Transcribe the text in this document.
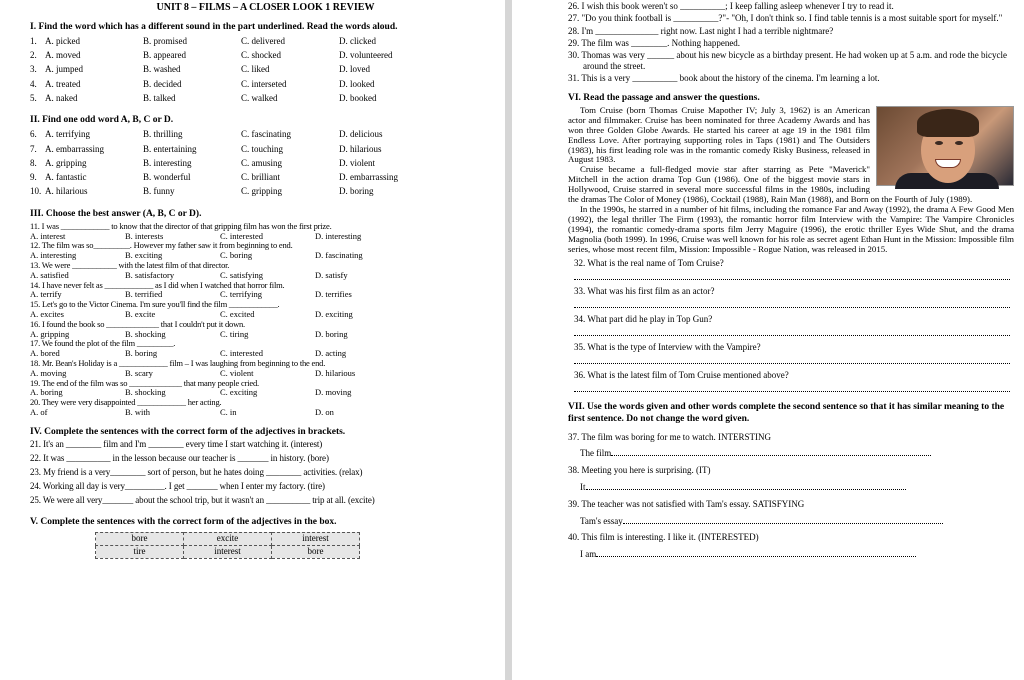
UNIT 8 – FILMS – A CLOSER LOOK 1 REVIEW
I. Find the word which has a different sound in the part underlined. Read the words aloud.
1. A. picked	B. promised	C. delivered	D. clicked
2. A. moved	B. appeared	C. shocked	D. volunteered
3. A. jumped	B. washed	C. liked	D. loved
4. A. treated	B. decided	C. interseted	D. looked
5. A. naked	B. talked	C. walked	D. booked
II. Find one odd word A, B, C or D.
6. A. terrifying	B. thrilling	C. fascinating	D. delicious
7. A. embarrassing	B. entertaining	C. touching	D. hilarious
8. A. gripping	B. interesting	C. amusing	D. violent
9. A. fantastic	B. wonderful	C. brilliant	D. embarrassing
10. A. hilarious	B. funny	C. gripping	D. boring
III. Choose the best answer (A, B, C or D).
11. I was ____________ to know that the director of that gripping film has won the first prize.
A. interest	B. interests	C. interested	D. interesting
12. The film was so_________. However my father saw it from beginning to end.
A. interesting	B. exciting	C. boring	D. fascinating
13. We were ___________ with the latest film of that director.
A. satisfied	B. satisfactory	C. satisfying	D. satisfy
14. I have never felt as ____________ as I did when I watched that horror film.
A. terrify	B. terrified	C. terrifying	D. terrifies
15. Let's go to the Victor Cinema. I'm sure you'll find the film ____________.
A. excites	B. excite	C. excited	D. exciting
16. I found the book so _____________ that I couldn't put it down.
A. gripping	B. shocking	C. tiring	D. boring
17. We found the plot of the film _________.
A. bored	B. boring	C. interested	D. acting
18. Mr. Bean's Holiday is a ____________ film – I was laughing from beginning to the end.
A. moving	B. scary	C. violent	D. hilarious
19. The end of the film was so _____________ that many people cried.
A. boring	B. shocking	C. exciting	D. moving
20. They were very disappointed ____________ her acting.
A. of	B. with	C. in	D. on
IV. Complete the sentences with the correct form of the adjectives in brackets.
21. It's an ________ film and I'm ________ every time I start watching it. (interest)
22. It was __________ in the lesson because our teacher is _______ in history. (bore)
23. My friend is a very________ sort of person, but he hates doing ________ activities. (relax)
24. Working all day is very_________. I get _______ when I enter my factory. (tire)
25. We were all very_______ about the school trip, but it wasn't an __________ trip at all. (excite)
V. Complete the sentences with the correct form of the adjectives in the box.
bore	excite	interest
tire	interest	bore
26. I wish this book weren't so __________; I keep falling asleep whenever I try to read it.
27. "Do you think football is __________?"- "Oh, I don't think so. I find table tennis is a most suitable sport for myself."
28. I'm ______________ right now. Last night I had a terrible nightmare?
29. The film was ________. Nothing happened.
30. Thomas was very ______ about his new bicycle as a birthday present. He had woken up at 5 a.m. and rode the bicycle around the street.
31. This is a very __________ book about the history of the cinema. I'm learning a lot.
VI. Read the passage and answer the questions.
Tom Cruise (born Thomas Cruise Mapother IV; July 3, 1962) is an American actor and filmmaker. Cruise has been nominated for three Academy Awards and has won three Golden Globe Awards. He started his career at age 19 in the 1981 film Endless Love. After portraying supporting roles in Taps (1981) and The Outsiders (1983), his first leading role was in the romantic comedy Risky Business, released in August 1983.
Cruise became a full-fledged movie star after starring as Pete "Maverick" Mitchell in the action drama Top Gun (1986). One of the biggest movie stars in Hollywood, Cruise starred in several more successful films in the 1980s, including the dramas The Color of Money (1986), Cocktail (1988), Rain Man (1988), and Born on the Fourth of July (1989).
In the 1990s, he starred in a number of hit films, including the romance Far and Away (1992), the drama A Few Good Men (1992), the legal thriller The Firm (1993), the romantic horror film Interview with the Vampire: The Vampire Chronicles (1994), the romantic comedy-drama sports film Jerry Maguire (1996), the erotic thriller Eyes Wide Shut, and the drama Magnolia (both 1999). In 1996, Cruise was well known for his role as secret agent Ethan Hunt in the Mission: Impossible film series, whose most recent film, Mission: Impossible - Rogue Nation, was released in 2015.
32. What is the real name of Tom Cruise?
33. What was his first film as an actor?
34. What part did he play in Top Gun?
35. What is the type of Interview with the Vampire?
36. What is the latest film of Tom Cruise mentioned above?
VII. Use the words given and other words complete the second sentence so that it has similar meaning to the first sentence. Do not change the word given.
37. The film was boring for me to watch. INTERSTING
The film
38. Meeting you here is surprising. (IT)
It
39. The teacher was not satisfied with Tam's essay. SATISFYING
Tam's essay
40. This film is interesting. I like it. (INTERESTED)
I am
